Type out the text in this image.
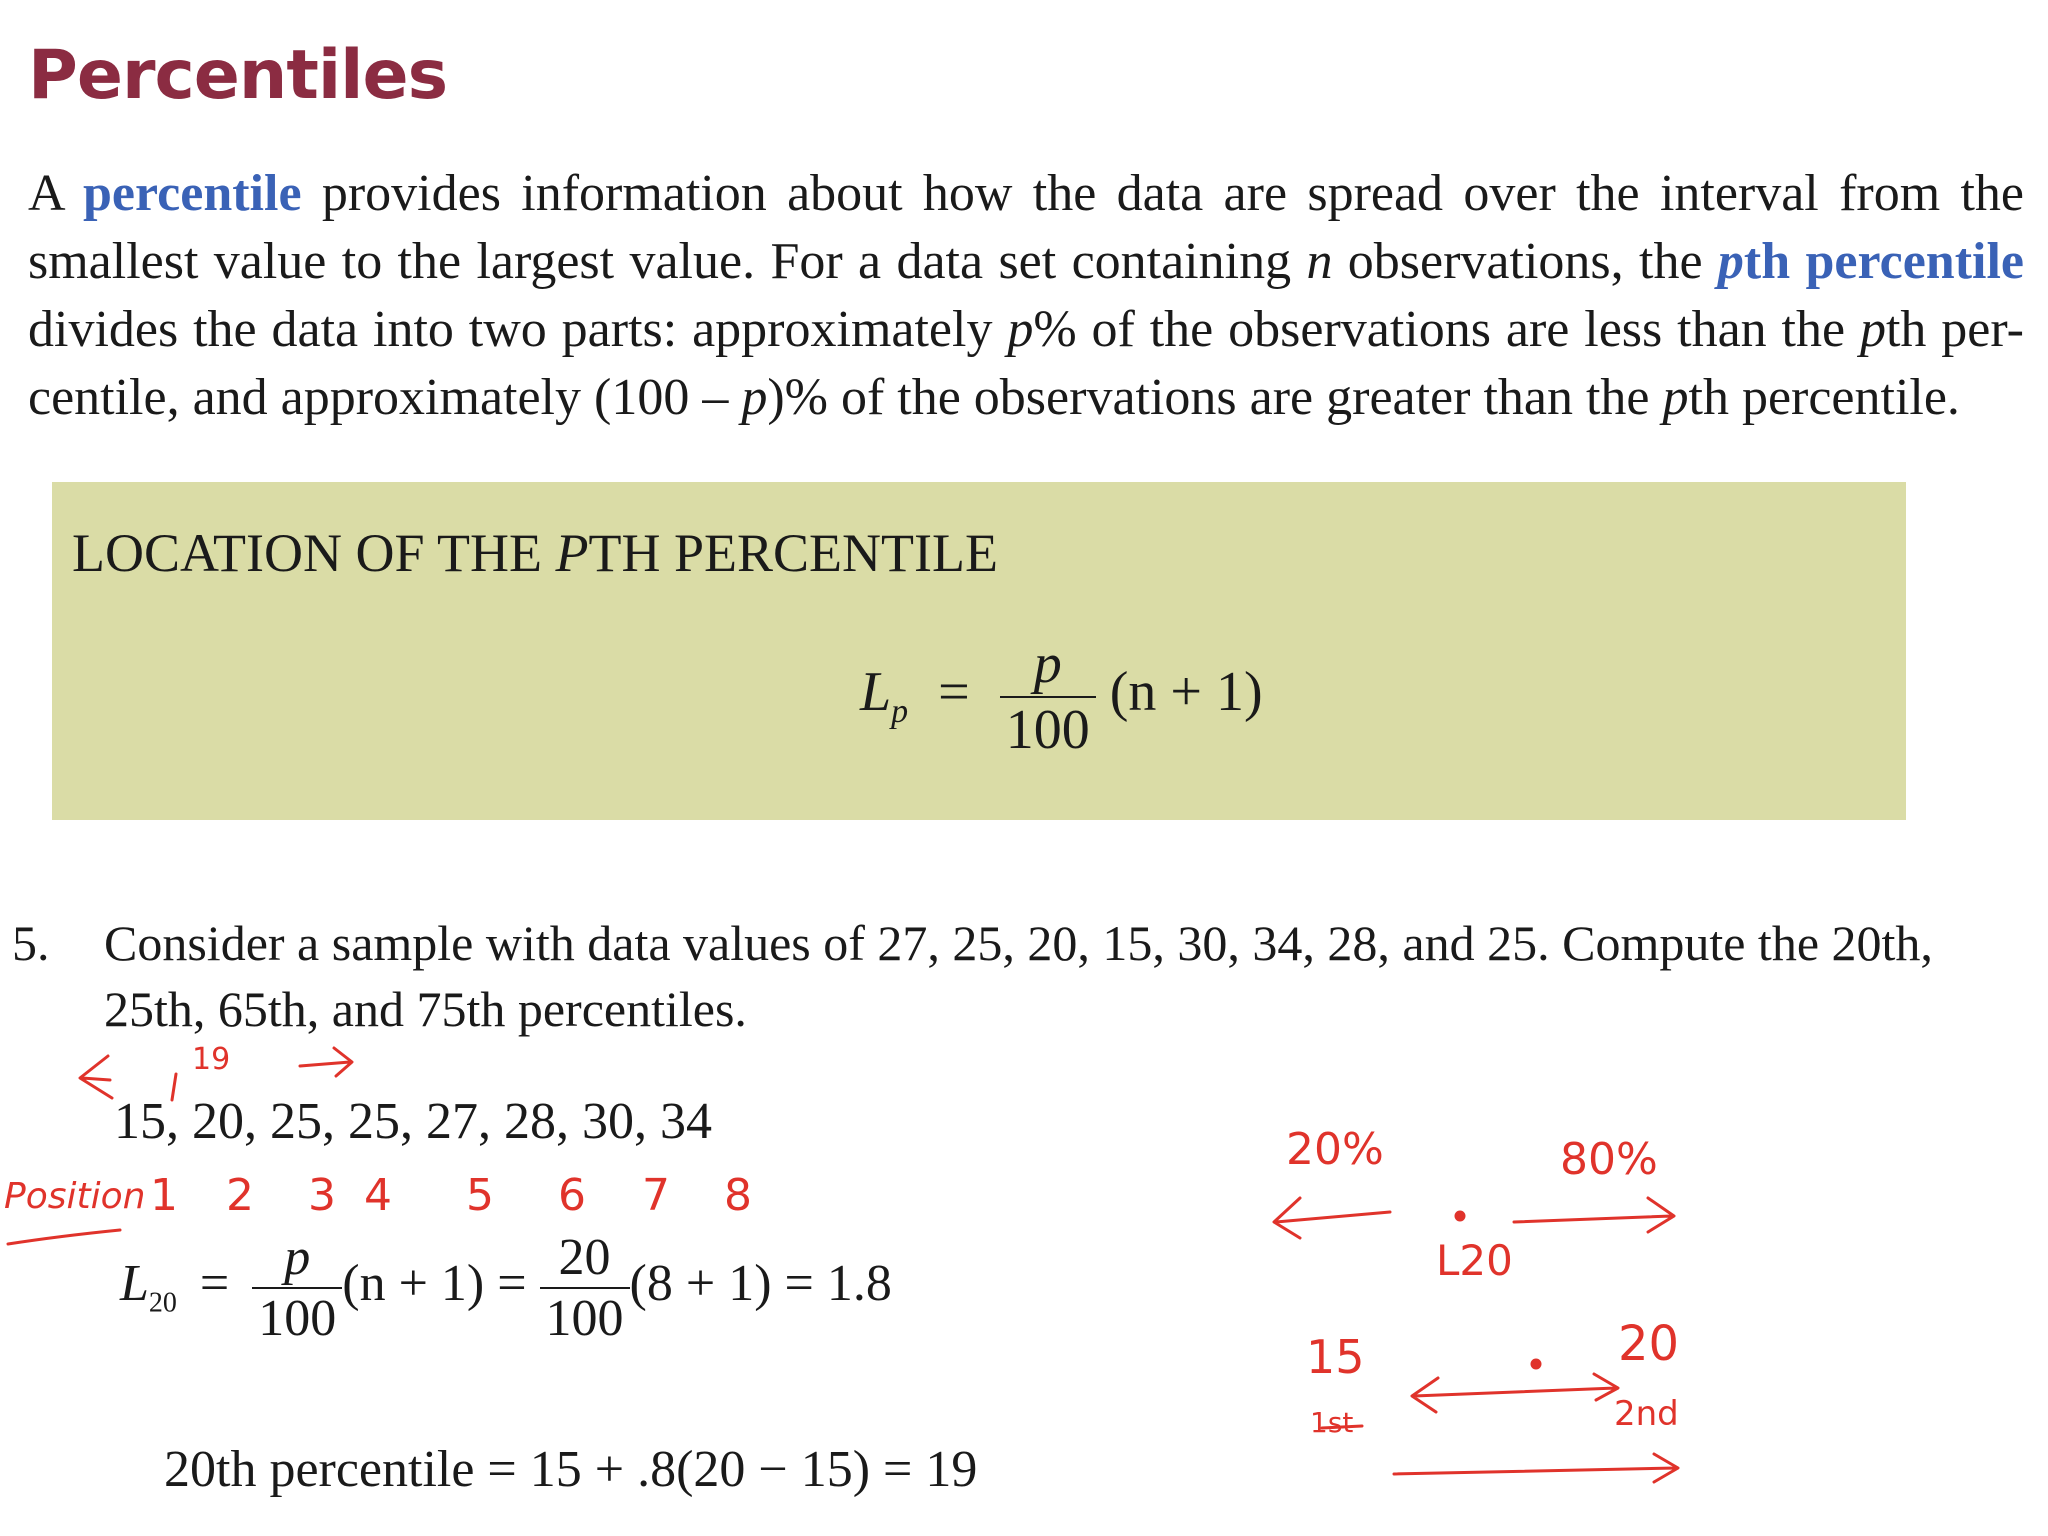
Percentiles
A percentile provides information about how the data are spread over the interval from the smallest value to the largest value. For a data set containing n observations, the pth percentile divides the data into two parts: approximately p% of the observations are less than the pth per-centile, and approximately (100 – p)% of the observations are greater than the pth percentile.
LOCATION OF THE PTH PERCENTILE
$L_p = \frac{p}{100} (n + 1)$
5. Consider a sample with data values of 27, 25, 20, 15, 30, 34, 28, and 25. Compute the 20th,
25th, 65th, and 75th percentiles.
15, 20, 25, 25, 27, 28, 30, 34
$L_{20} = \frac{p}{100} (n + 1) = \frac{20}{100} (8 + 1) = 1.8$
20th percentile = 15 + .8(20 − 15) = 19
19
Position 1 2 3 4 5 6 7 8
20%	80%
L20
15
1st
20
2nd
